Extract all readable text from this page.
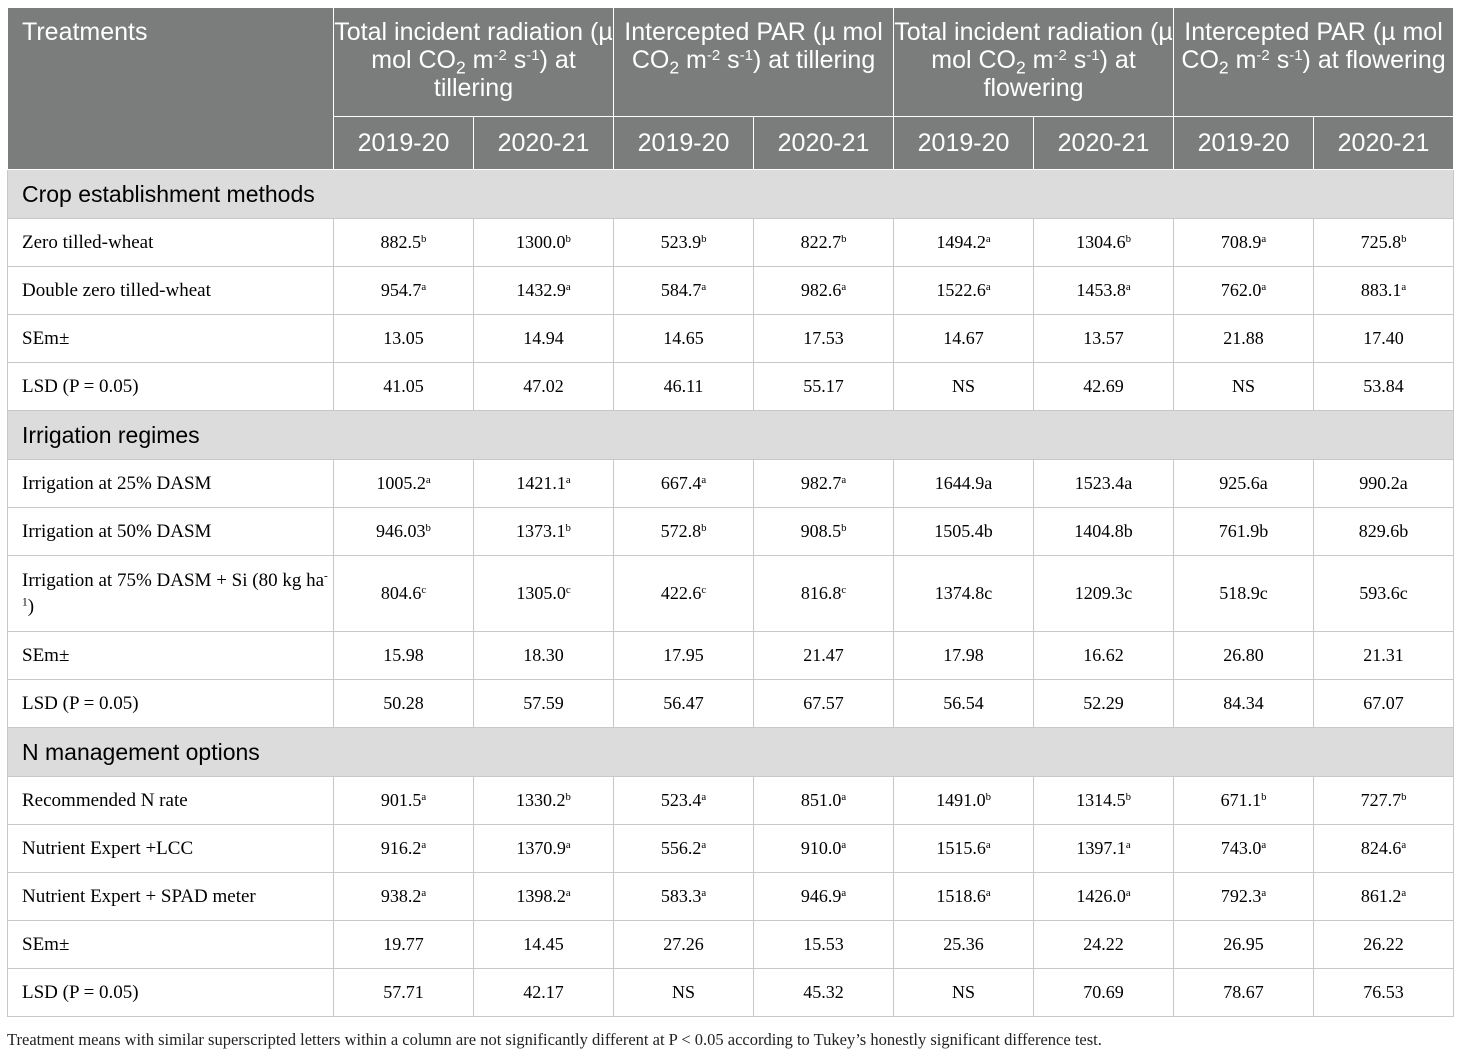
Treatments	Total incident radiation (µ mol $CO_2$ $m^{-2}$ $s^{-1}$) at tillering		Intercepted PAR (µ mol $CO_2$ $m^{-2}$ $s^{-1}$) at tillering		Total incident radiation (µ mol $CO_2$ $m^{-2}$ $s^{-1}$) at flowering		Intercepted PAR (µ mol $CO_2$ $m^{-2}$ $s^{-1}$) at flowering	
	2019-20	2020-21	2019-20	2020-21	2019-20	2020-21	2019-20	2020-21
Crop establishment methods								
Zero tilled-wheat	882.5$^b$	1300.0$^b$	523.9$^b$	822.7$^b$	1494.2$^a$	1304.6$^b$	708.9$^a$	725.8$^b$
Double zero tilled-wheat	954.7$^a$	1432.9$^a$	584.7$^a$	982.6$^a$	1522.6$^a$	1453.8$^a$	762.0$^a$	883.1$^a$
SEm±	13.05	14.94	14.65	17.53	14.67	13.57	21.88	17.40
LSD (P = 0.05)	41.05	47.02	46.11	55.17	NS	42.69	NS	53.84
Irrigation regimes								
Irrigation at 25% DASM	1005.2$^a$	1421.1$^a$	667.4$^a$	982.7$^a$	1644.9a	1523.4a	925.6a	990.2a
Irrigation at 50% DASM	946.03$^b$	1373.1$^b$	572.8$^b$	908.5$^b$	1505.4b	1404.8b	761.9b	829.6b
Irrigation at 75% DASM + Si (80 kg $ha^{-1}$)	804.6$^c$	1305.0$^c$	422.6$^c$	816.8$^c$	1374.8c	1209.3c	518.9c	593.6c
SEm±	15.98	18.30	17.95	21.47	17.98	16.62	26.80	21.31
LSD (P = 0.05)	50.28	57.59	56.47	67.57	56.54	52.29	84.34	67.07
N management options								
Recommended N rate	901.5$^a$	1330.2$^b$	523.4$^a$	851.0$^a$	1491.0$^b$	1314.5$^b$	671.1$^b$	727.7$^b$
Nutrient Expert +LCC	916.2$^a$	1370.9$^a$	556.2$^a$	910.0$^a$	1515.6$^a$	1397.1$^a$	743.0$^a$	824.6$^a$
Nutrient Expert + SPAD meter	938.2$^a$	1398.2$^a$	583.3$^a$	946.9$^a$	1518.6$^a$	1426.0$^a$	792.3$^a$	861.2$^a$
SEm±	19.77	14.45	27.26	15.53	25.36	24.22	26.95	26.22
LSD (P = 0.05)	57.71	42.17	NS	45.32	NS	70.69	78.67	76.53
Treatment means with similar superscripted letters within a column are not significantly different at P < 0.05 according to Tukey’s honestly significant difference test.
